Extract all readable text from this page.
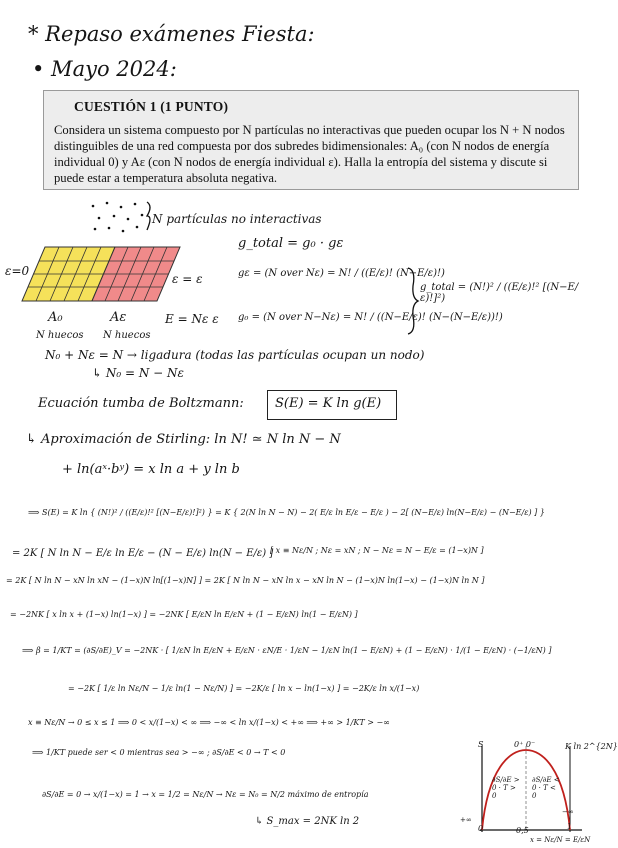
* Repaso exámenes Fiesta:
• Mayo 2024:
CUESTIÓN 1 (1 PUNTO)
Considera un sistema compuesto por N partículas no interactivas que pueden ocupar los N + N nodos distinguibles de una red compuesta por dos subredes bidimensionales: A₀ (con N nodos de energía individual 0) y Aε (con N nodos de energía individual ε). Halla la entropía del sistema y discute si puede estar a temperatura absoluta negativa.
N partículas no interactivas
ε=0
ε = ε
A₀	Aε
N huecos N huecos
E = Nε ε
g_total = g₀ · gε
gε = (N over Nε) = N! / ((E/ε)! (N−E/ε)!)
g₀ = (N over N−Nε) = N! / ((N−E/ε)! (N−(N−E/ε))!)
g_total = (N!)² / ((E/ε)!² [(N−E/ε)!]²)
N₀ + Nε = N → ligadura (todas las partículas ocupan un nodo)
↳ N₀ = N − Nε
Ecuación tumba de Boltzmann: S(E) = K ln g(E)
↳ Aproximación de Stirling: ln N! ≃ N ln N − N
+ ln(aˣ·bʸ) = x ln a + y ln b
⟹ S(E) = K ln { (N!)² / ((E/ε)!² [(N−E/ε)!]²) } = K { 2(N ln N − N) − 2( E/ε ln E/ε − E/ε ) − 2[ (N−E/ε) ln(N−E/ε) − (N−E/ε) ] }
= 2K [ N ln N − E/ε ln E/ε − (N − E/ε) ln(N − E/ε) ]
[ x ≡ Nε/N ; Nε = xN ; N − Nε = N − E/ε = (1−x)N ]
= 2K [ N ln N − xN ln xN − (1−x)N ln[(1−x)N] ] = 2K [ N ln N − xN ln x − xN ln N − (1−x)N ln(1−x) − (1−x)N ln N ]
= −2NK [ x ln x + (1−x) ln(1−x) ] = −2NK [ E/εN ln E/εN + (1 − E/εN) ln(1 − E/εN) ]
⟹ β = 1/KT = (∂S/∂E)_V = −2NK · [ 1/εN ln E/εN + E/εN · εN/E · 1/εN − 1/εN ln(1 − E/εN) + (1 − E/εN) · 1/(1 − E/εN) · (−1/εN) ]
= −2K [ 1/ε ln Nε/N − 1/ε ln(1 − Nε/N) ] = −2K/ε [ ln x − ln(1−x) ] = −2K/ε ln x/(1−x)
x ≡ Nε/N → 0 ≤ x ≤ 1 ⟹ 0 < x/(1−x) < ∞ ⟹ −∞ < ln x/(1−x) < +∞ ⟹ +∞ > 1/KT > −∞
⟹ 1/KT puede ser < 0 mientras sea > −∞ ; ∂S/∂E < 0 → T < 0
∂S/∂E = 0 → x/(1−x) = 1 → x = 1/2 = Nε/N → Nε = N₀ = N/2 máximo de entropía
↳ S_max = 2NK ln 2
S	0⁺ 0⁻	K ln 2^{2N}
∂S/∂E > 0 · T > 0
∂S/∂E < 0 · T < 0
+∞
−∞
0	0,5	1
x = Nε/N = E/εN
